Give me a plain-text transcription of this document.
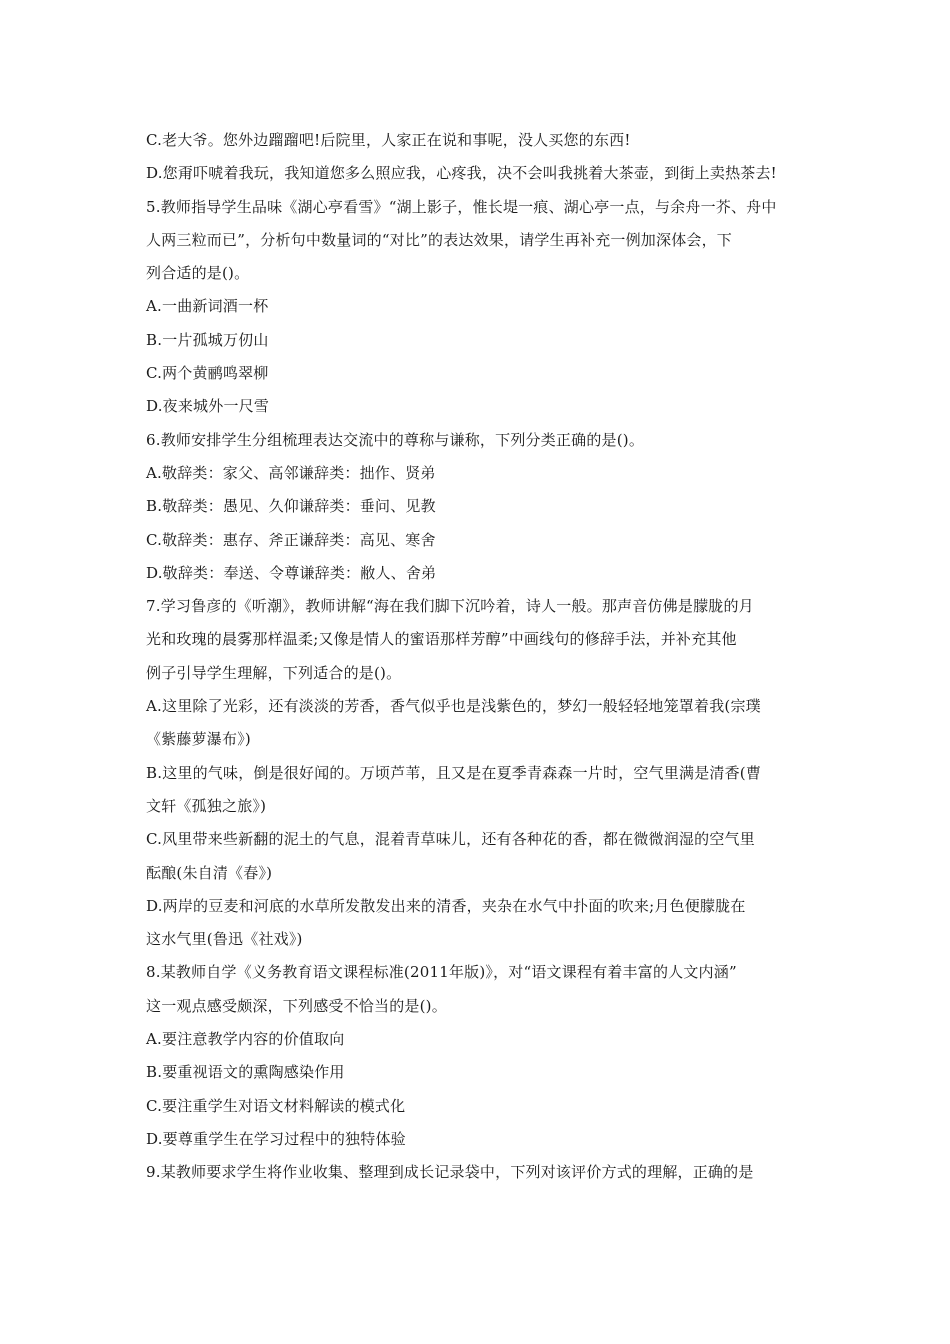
C.老大爷。您外边蹓蹓吧!后院里，人家正在说和事呢，没人买您的东西!
D.您甭吓唬着我玩，我知道您多么照应我，心疼我，决不会叫我挑着大茶壶，到街上卖热茶去!
5.教师指导学生品味《湖心亭看雪》“湖上影子，惟长堤一痕、湖心亭一点，与余舟一芥、舟中
人两三粒而已”，分析句中数量词的“对比”的表达效果，请学生再补充一例加深体会，下
列合适的是()。
A.一曲新词酒一杯
B.一片孤城万仞山
C.两个黄鹂鸣翠柳
D.夜来城外一尺雪
6.教师安排学生分组梳理表达交流中的尊称与谦称，下列分类正确的是()。
A.敬辞类：家父、高邻谦辞类：拙作、贤弟
B.敬辞类：愚见、久仰谦辞类：垂问、见教
C.敬辞类：惠存、斧正谦辞类：高见、寒舍
D.敬辞类：奉送、令尊谦辞类：敝人、舍弟
7.学习鲁彦的《听潮》，教师讲解“海在我们脚下沉吟着，诗人一般。那声音仿佛是朦胧的月
光和玫瑰的晨雾那样温柔;又像是情人的蜜语那样芳醇”中画线句的修辞手法，并补充其他
例子引导学生理解，下列适合的是()。
A.这里除了光彩，还有淡淡的芳香，香气似乎也是浅紫色的，梦幻一般轻轻地笼罩着我(宗璞
《紫藤萝瀑布》)
B.这里的气味，倒是很好闻的。万顷芦苇，且又是在夏季青森森一片时，空气里满是清香(曹
文轩《孤独之旅》)
C.风里带来些新翻的泥土的气息，混着青草味儿，还有各种花的香，都在微微润湿的空气里
酝酿(朱自清《春》)
D.两岸的豆麦和河底的水草所发散发出来的清香，夹杂在水气中扑面的吹来;月色便朦胧在
这水气里(鲁迅《社戏》)
8.某教师自学《义务教育语文课程标准(2011年版)》，对“语文课程有着丰富的人文内涵”
这一观点感受颇深，下列感受不恰当的是()。
A.要注意教学内容的价值取向
B.要重视语文的熏陶感染作用
C.要注重学生对语文材料解读的模式化
D.要尊重学生在学习过程中的独特体验
9.某教师要求学生将作业收集、整理到成长记录袋中，下列对该评价方式的理解，正确的是
